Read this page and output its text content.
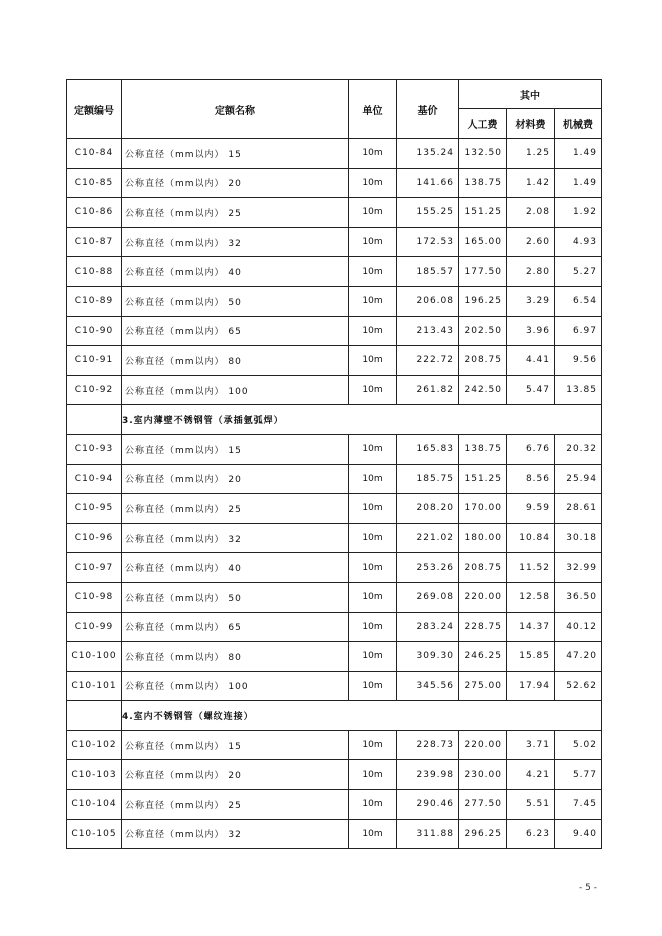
定额编号	定额名称	单位	基价	其中		
				人工费	材料费	机械费
C10-84	公称直径（mm以内） 15	10m	135.24	132.50	1.25	1.49
C10-85	公称直径（mm以内） 20	10m	141.66	138.75	1.42	1.49
C10-86	公称直径（mm以内） 25	10m	155.25	151.25	2.08	1.92
C10-87	公称直径（mm以内） 32	10m	172.53	165.00	2.60	4.93
C10-88	公称直径（mm以内） 40	10m	185.57	177.50	2.80	5.27
C10-89	公称直径（mm以内） 50	10m	206.08	196.25	3.29	6.54
C10-90	公称直径（mm以内） 65	10m	213.43	202.50	3.96	6.97
C10-91	公称直径（mm以内） 80	10m	222.72	208.75	4.41	9.56
C10-92	公称直径（mm以内） 100	10m	261.82	242.50	5.47	13.85
	3.室内薄壁不锈钢管（承插氩弧焊）					
C10-93	公称直径（mm以内） 15	10m	165.83	138.75	6.76	20.32
C10-94	公称直径（mm以内） 20	10m	185.75	151.25	8.56	25.94
C10-95	公称直径（mm以内） 25	10m	208.20	170.00	9.59	28.61
C10-96	公称直径（mm以内） 32	10m	221.02	180.00	10.84	30.18
C10-97	公称直径（mm以内） 40	10m	253.26	208.75	11.52	32.99
C10-98	公称直径（mm以内） 50	10m	269.08	220.00	12.58	36.50
C10-99	公称直径（mm以内） 65	10m	283.24	228.75	14.37	40.12
C10-100	公称直径（mm以内） 80	10m	309.30	246.25	15.85	47.20
C10-101	公称直径（mm以内） 100	10m	345.56	275.00	17.94	52.62
	4.室内不锈钢管（螺纹连接）					
C10-102	公称直径（mm以内） 15	10m	228.73	220.00	3.71	5.02
C10-103	公称直径（mm以内） 20	10m	239.98	230.00	4.21	5.77
C10-104	公称直径（mm以内） 25	10m	290.46	277.50	5.51	7.45
C10-105	公称直径（mm以内） 32	10m	311.88	296.25	6.23	9.40
- 5 -
